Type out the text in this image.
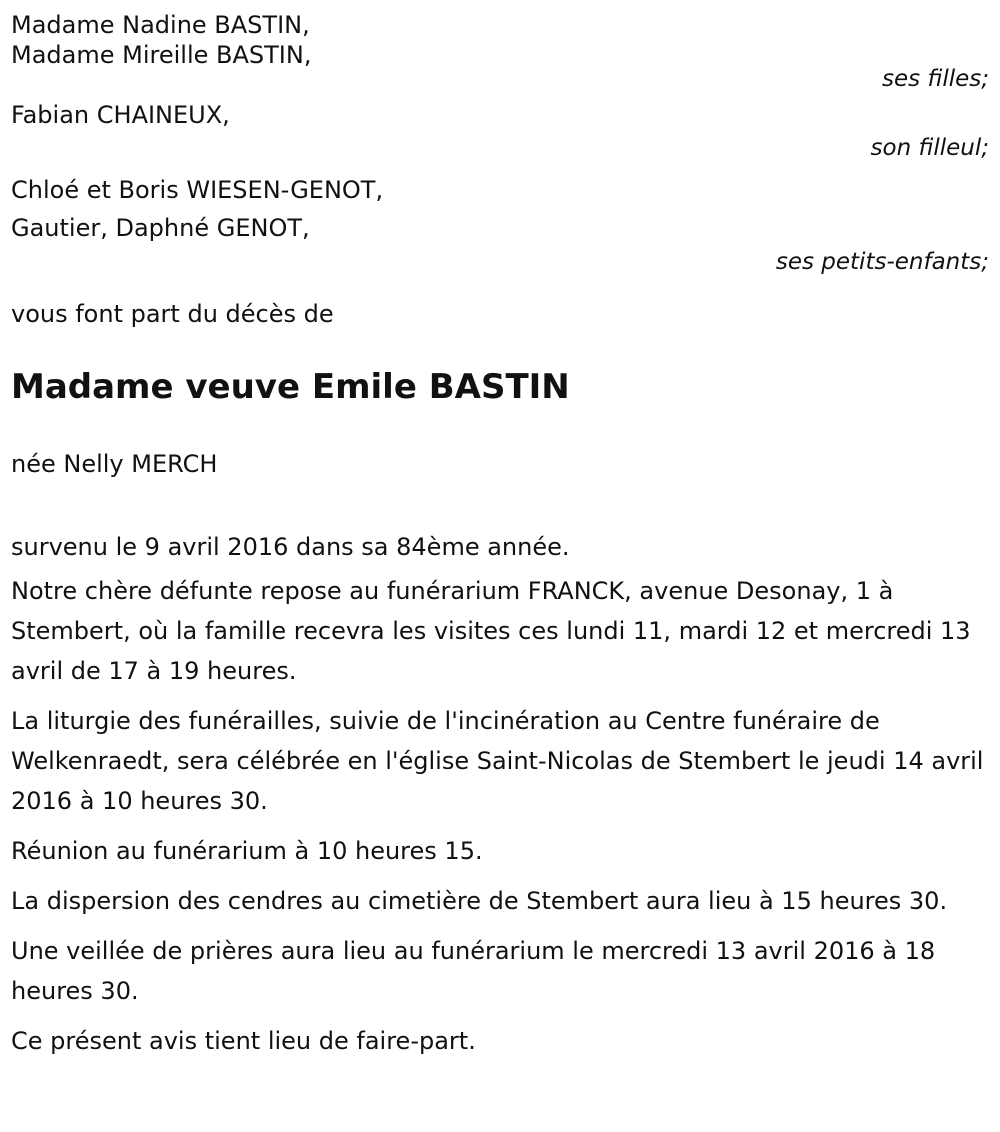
Madame Nadine BASTIN,

Madame Mireille BASTIN,

ses filles;

Fabian CHAINEUX,

son filleul;

Chloé et Boris WIESEN-GENOT,

Gautier, Daphné GENOT,

ses petits-enfants;

vous font part du décès de

Madame veuve Emile BASTIN

née Nelly MERCH

survenu le 9 avril 2016 dans sa 84ème année.

Notre chère défunte repose au funérarium FRANCK, avenue Desonay, 1 à Stembert, où la famille recevra les visites ces lundi 11, mardi 12 et mercredi 13 avril de 17 à 19 heures.

La liturgie des funérailles, suivie de l'incinération au Centre funéraire de Welkenraedt, sera célébrée en l'église Saint-Nicolas de Stembert le jeudi 14 avril 2016 à 10 heures 30.

Réunion au funérarium à 10 heures 15.

La dispersion des cendres au cimetière de Stembert aura lieu à 15 heures 30.

Une veillée de prières aura lieu au funérarium le mercredi 13 avril 2016 à 18 heures 30.

Ce présent avis tient lieu de faire-part.
